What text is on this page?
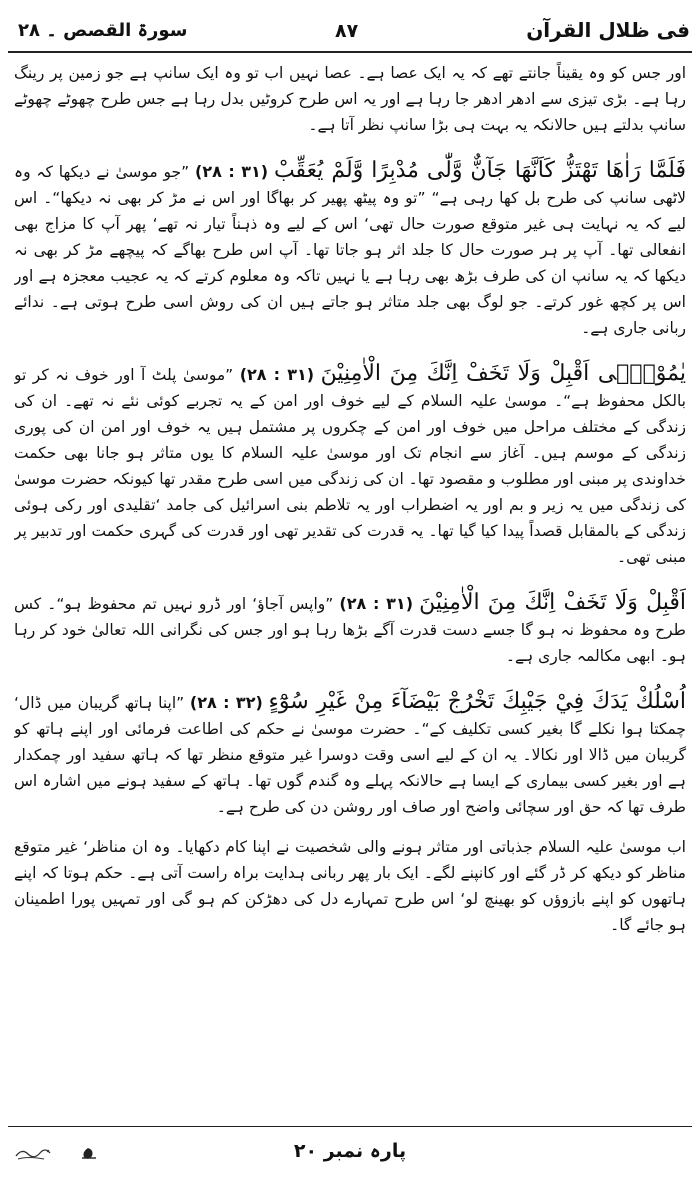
فی ظلال القرآن
۸۷
سورۃ القصص ۔ ۲۸

اور جس کو وہ یقیناً جانتے تھے کہ یہ ایک عصا ہے۔ عصا نہیں اب تو وہ ایک سانپ ہے جو زمین پر رینگ رہا ہے۔ بڑی تیزی سے ادھر ادھر جا رہا ہے اور یہ اس طرح کروٹیں بدل رہا ہے جس طرح چھوٹے چھوٹے سانپ بدلتے ہیں حالانکہ یہ بہت ہی بڑا سانپ نظر آتا ہے۔

فَلَمَّا رَاٰهَا تَهْتَزُّ كَاَنَّهَا جَآنٌّ وَّلّٰى مُدْبِرًا وَّلَمْ يُعَقِّبْ (۲۸ : ۳۱) ”جو موسیٰ نے دیکھا کہ وہ لاٹھی سانپ کی طرح بل کھا رہی ہے“ ”تو وہ پیٹھ پھیر کر بھاگا اور اس نے مڑ کر بھی نہ دیکھا“۔ اس لیے کہ یہ نہایت ہی غیر متوقع صورت حال تھی‘ اس کے لیے وہ ذہناً تیار نہ تھے‘ پھر آپ کا مزاج بھی انفعالی تھا۔ آپ پر ہر صورت حال کا جلد اثر ہو جاتا تھا۔ آپ اس طرح بھاگے کہ پیچھے مڑ کر بھی نہ دیکھا کہ یہ سانپ ان کی طرف بڑھ بھی رہا ہے یا نہیں تاکہ وہ معلوم کرتے کہ یہ عجیب معجزہ ہے اور اس پر کچھ غور کرتے۔ جو لوگ بھی جلد متاثر ہو جاتے ہیں ان کی روش اسی طرح ہوتی ہے۔ ندائے ربانی جاری ہے۔

يٰمُوْسٰۤى اَقْبِلْ وَلَا تَخَفْ اِنَّكَ مِنَ الْاٰمِنِيْنَ (۲۸ : ۳۱) ”موسیٰ پلٹ آ اور خوف نہ کر تو بالکل محفوظ ہے“۔ موسیٰ علیہ السلام کے لیے خوف اور امن کے یہ تجربے کوئی نئے نہ تھے۔ ان کی زندگی کے مختلف مراحل میں خوف اور امن کے چکروں پر مشتمل ہیں یہ خوف اور امن ان کی پوری زندگی کے موسم ہیں۔ آغاز سے انجام تک اور موسیٰ علیہ السلام کا یوں متاثر ہو جانا بھی حکمت خداوندی پر مبنی اور مطلوب و مقصود تھا۔ ان کی زندگی میں اسی طرح مقدر تھا کیونکہ حضرت موسیٰ کی زندگی میں یہ زیر و بم اور یہ اضطراب اور یہ تلاطم بنی اسرائیل کی جامد ‘تقلیدی اور رکی ہوئی زندگی کے بالمقابل قصداً پیدا کیا گیا تھا۔ یہ قدرت کی تقدیر تھی اور قدرت کی گہری حکمت اور تدبیر پر مبنی تھی۔

اَقْبِلْ وَلَا تَخَفْ اِنَّكَ مِنَ الْاٰمِنِيْنَ (۲۸ : ۳۱) ”واپس آجاؤ‘ اور ڈرو نہیں تم محفوظ ہو“۔ کس طرح وہ محفوظ نہ ہو گا جسے دست قدرت آگے بڑھا رہا ہو اور جس کی نگرانی اللہ تعالیٰ خود کر رہا ہو۔ ابھی مکالمہ جاری ہے۔

اُسْلُكْ يَدَكَ فِيْ جَيْبِكَ تَخْرُجْ بَيْضَآءَ مِنْ غَيْرِ سُوْٓءٍ (۲۸ : ۳۲) ”اپنا ہاتھ گریبان میں ڈال‘ چمکتا ہوا نکلے گا بغیر کسی تکلیف کے“۔ حضرت موسیٰ نے حکم کی اطاعت فرمائی اور اپنے ہاتھ کو گریبان میں ڈالا اور نکالا۔ یہ ان کے لیے اسی وقت دوسرا غیر متوقع منظر تھا کہ ہاتھ سفید اور چمکدار ہے اور بغیر کسی بیماری کے ایسا ہے حالانکہ پہلے وہ گندم گوں تھا۔ ہاتھ کے سفید ہونے میں اشارہ اس طرف تھا کہ حق اور سچائی واضح اور صاف اور روشن دن کی طرح ہے۔

اب موسیٰ علیہ السلام جذباتی اور متاثر ہونے والی شخصیت نے اپنا کام دکھایا۔ وہ ان مناظر‘ غیر متوقع مناظر کو دیکھ کر ڈر گئے اور کانپنے لگے۔ ایک بار پھر ربانی ہدایت براہ راست آتی ہے۔ حکم ہوتا کہ اپنے ہاتھوں کو اپنے بازوؤں کو بھینچ لو‘ اس طرح تمہارے دل کی دھڑکن کم ہو گی اور تمہیں پورا اطمینان ہو جائے گا۔

پارہ نمبر ۲۰
